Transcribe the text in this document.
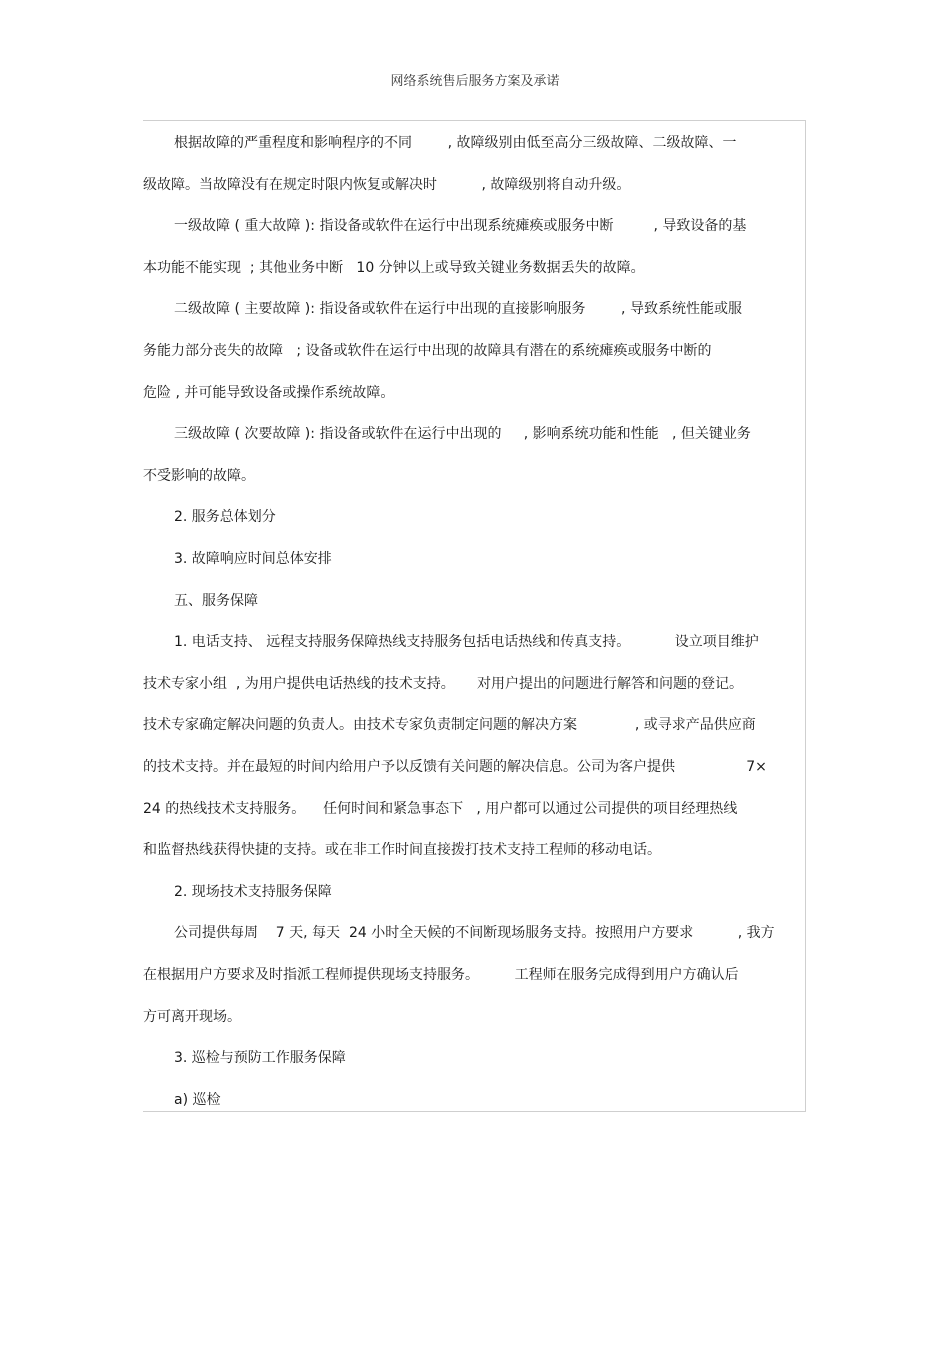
网络系统售后服务方案及承诺
根据故障的严重程度和影响程序的不同        , 故障级别由低至高分三级故障、二级故障、一
级故障。当故障没有在规定时限内恢复或解决时          , 故障级别将自动升级。
一级故障 ( 重大故障 ): 指设备或软件在运行中出现系统瘫痪或服务中断         , 导致设备的基
本功能不能实现  ; 其他业务中断   10 分钟以上或导致关键业务数据丢失的故障。
二级故障 ( 主要故障 ): 指设备或软件在运行中出现的直接影响服务        , 导致系统性能或服
务能力部分丧失的故障   ; 设备或软件在运行中出现的故障具有潜在的系统瘫痪或服务中断的
危险 , 并可能导致设备或操作系统故障。
三级故障 ( 次要故障 ): 指设备或软件在运行中出现的     , 影响系统功能和性能   , 但关键业务
不受影响的故障。
2. 服务总体划分
3. 故障响应时间总体安排
五、服务保障
1. 电话支持、 远程支持服务保障热线支持服务包括电话热线和传真支持。          设立项目维护
技术专家小组  , 为用户提供电话热线的技术支持。     对用户提出的问题进行解答和问题的登记。
技术专家确定解决问题的负责人。由技术专家负责制定问题的解决方案             , 或寻求产品供应商
的技术支持。并在最短的时间内给用户予以反馈有关问题的解决信息。公司为客户提供                7×
24 的热线技术支持服务。    任何时间和紧急事态下   , 用户都可以通过公司提供的项目经理热线
和监督热线获得快捷的支持。或在非工作时间直接拨打技术支持工程师的移动电话。
2. 现场技术支持服务保障
公司提供每周    7 天, 每天  24 小时全天候的不间断现场服务支持。按照用户方要求          , 我方
在根据用户方要求及时指派工程师提供现场支持服务。        工程师在服务完成得到用户方确认后
方可离开现场。
3. 巡检与预防工作服务保障
a) 巡检
